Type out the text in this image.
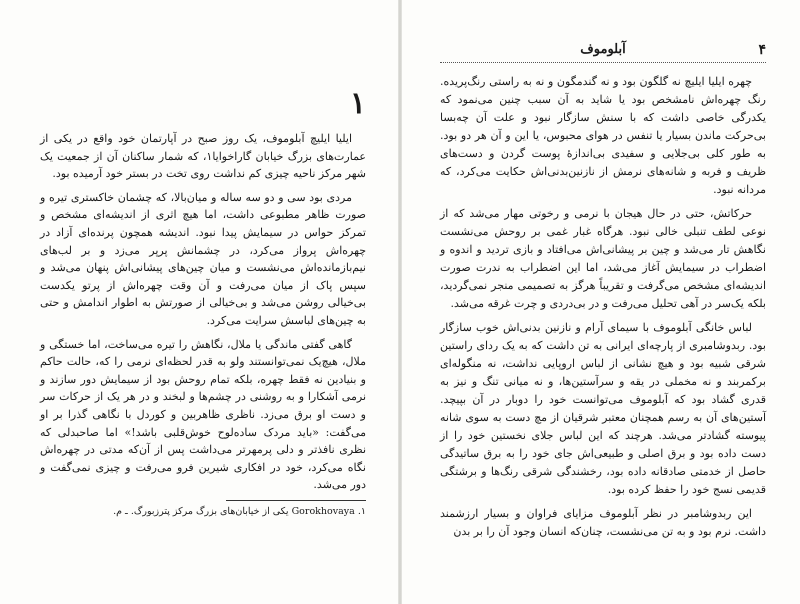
۱

ایلیا ایلیچ آبلوموف، یک روز صبح در آپارتمان خود واقع در یکی از عمارت‌های بزرگ خیابان گاراخوایا۱، که شمار ساکنان آن از جمعیت یک شهر مرکز ناحیه چیزی کم نداشت روی تخت در بستر خود آرمیده بود.

مردی بود سی و دو سه ساله و میان‌بالا، که چشمان خاکستری تیره و صورت ظاهر مطبوعی داشت، اما هیچ اثری از اندیشه‌ای مشخص و تمرکز حواس در سیمایش پیدا نبود. اندیشه همچون پرنده‌ای آزاد در چهره‌اش پرواز می‌کرد، در چشمانش پرپر می‌زد و بر لب‌های نیم‌بازمانده‌اش می‌نشست و میان چین‌های پیشانی‌اش پنهان می‌شد و سپس پاک از میان می‌رفت و آن وقت چهره‌اش از پرتو یکدست بی‌خیالی روشن می‌شد و بی‌خیالی از صورتش به اطوار اندامش و حتی به چین‌های لباسش سرایت می‌کرد.

گاهی گفتی ماندگی یا ملال، نگاهش را تیره می‌ساخت، اما خستگی و ملال، هیچ‌یک نمی‌توانستند ولو به قدر لحظه‌ای نرمی را که، حالت حاکم و بنیادین نه فقط چهره، بلکه تمام روحش بود از سیمایش دور سازند و نرمی آشکارا و به روشنی در چشم‌ها و لبخند و در هر یک از حرکات سر و دست او برق می‌زد. ناظری ظاهربین و کوردل با نگاهی گذرا بر او می‌گفت: «باید مردک ساده‌لوح خوش‌قلبی باشد!» اما صاحبدلی که نظری نافذتر و دلی پرمهرتر می‌داشت پس از آن‌که مدتی در چهره‌اش نگاه می‌کرد، خود در افکاری شیرین فرو می‌رفت و چیزی نمی‌گفت و دور می‌شد.

۱. Gorokhovaya یکی از خیابان‌های بزرگ مرکز پترزبورگ. ـ م.

۴
آبلوموف

چهره ایلیا ایلیچ نه گلگون بود و نه گندمگون و نه به راستی رنگ‌پریده. رنگ چهره‌اش نامشخص بود یا شاید به آن سبب چنین می‌نمود که یکدرگی خاصی داشت که با سنش سازگار نبود و علت آن چه‌بسا بی‌حرکت ماندن بسیار یا تنفس در هوای محبوس، یا این و آن هر دو بود. به طور کلی بی‌جلایی و سفیدی بی‌اندازهٔ پوست گردن و دست‌های ظریف و فربه و شانه‌های نرمش از نازنین‌بدنی‌اش حکایت می‌کرد، که مردانه نبود.

حرکاتش، حتی در حال هیجان با نرمی و رخوتی مهار می‌شد که از نوعی لطف تنبلی خالی نبود. هرگاه غبار غمی بر روحش می‌نشست نگاهش تار می‌شد و چین بر پیشانی‌اش می‌افتاد و بازی تردید و اندوه و اضطراب در سیمایش آغاز می‌شد، اما این اضطراب به ندرت صورت اندیشه‌ای مشخص می‌گرفت و تقریباً هرگز به تصمیمی منجر نمی‌گردید، بلکه یک‌سر در آهی تحلیل می‌رفت و در بی‌دردی و چرت غرقه می‌شد.

لباس خانگی آبلوموف با سیمای آرام و نازنین بدنی‌اش خوب سازگار بود. ربدوشامبری از پارچه‌ای ایرانی به تن داشت که به یک ردای راستین شرقی شبیه بود و هیچ نشانی از لباس اروپایی نداشت، نه منگوله‌ای برکمربند و نه مخملی در یقه و سرآستین‌ها، و نه میانی تنگ و نیز به قدری گشاد بود که آبلوموف می‌توانست خود را دوبار در آن بپیچد. آستین‌های آن به رسم همچنان معتبر شرقیان از مچ دست به سوی شانه پیوسته گشادتر می‌شد. هرچند که این لباس جلای نخستین خود را از دست داده بود و برق اصلی و طبیعی‌اش جای خود را به برق ساتیدگی حاصل از خدمتی صادقانه داده بود، رخشندگی شرقی رنگ‌ها و برشتگی قدیمی نسج خود را حفظ کرده بود.

این ربدوشامبر در نظر آبلوموف مزایای فراوان و بسیار ارزشمند داشت. نرم بود و به تن می‌نشست، چنان‌که انسان وجود آن را بر بدن
